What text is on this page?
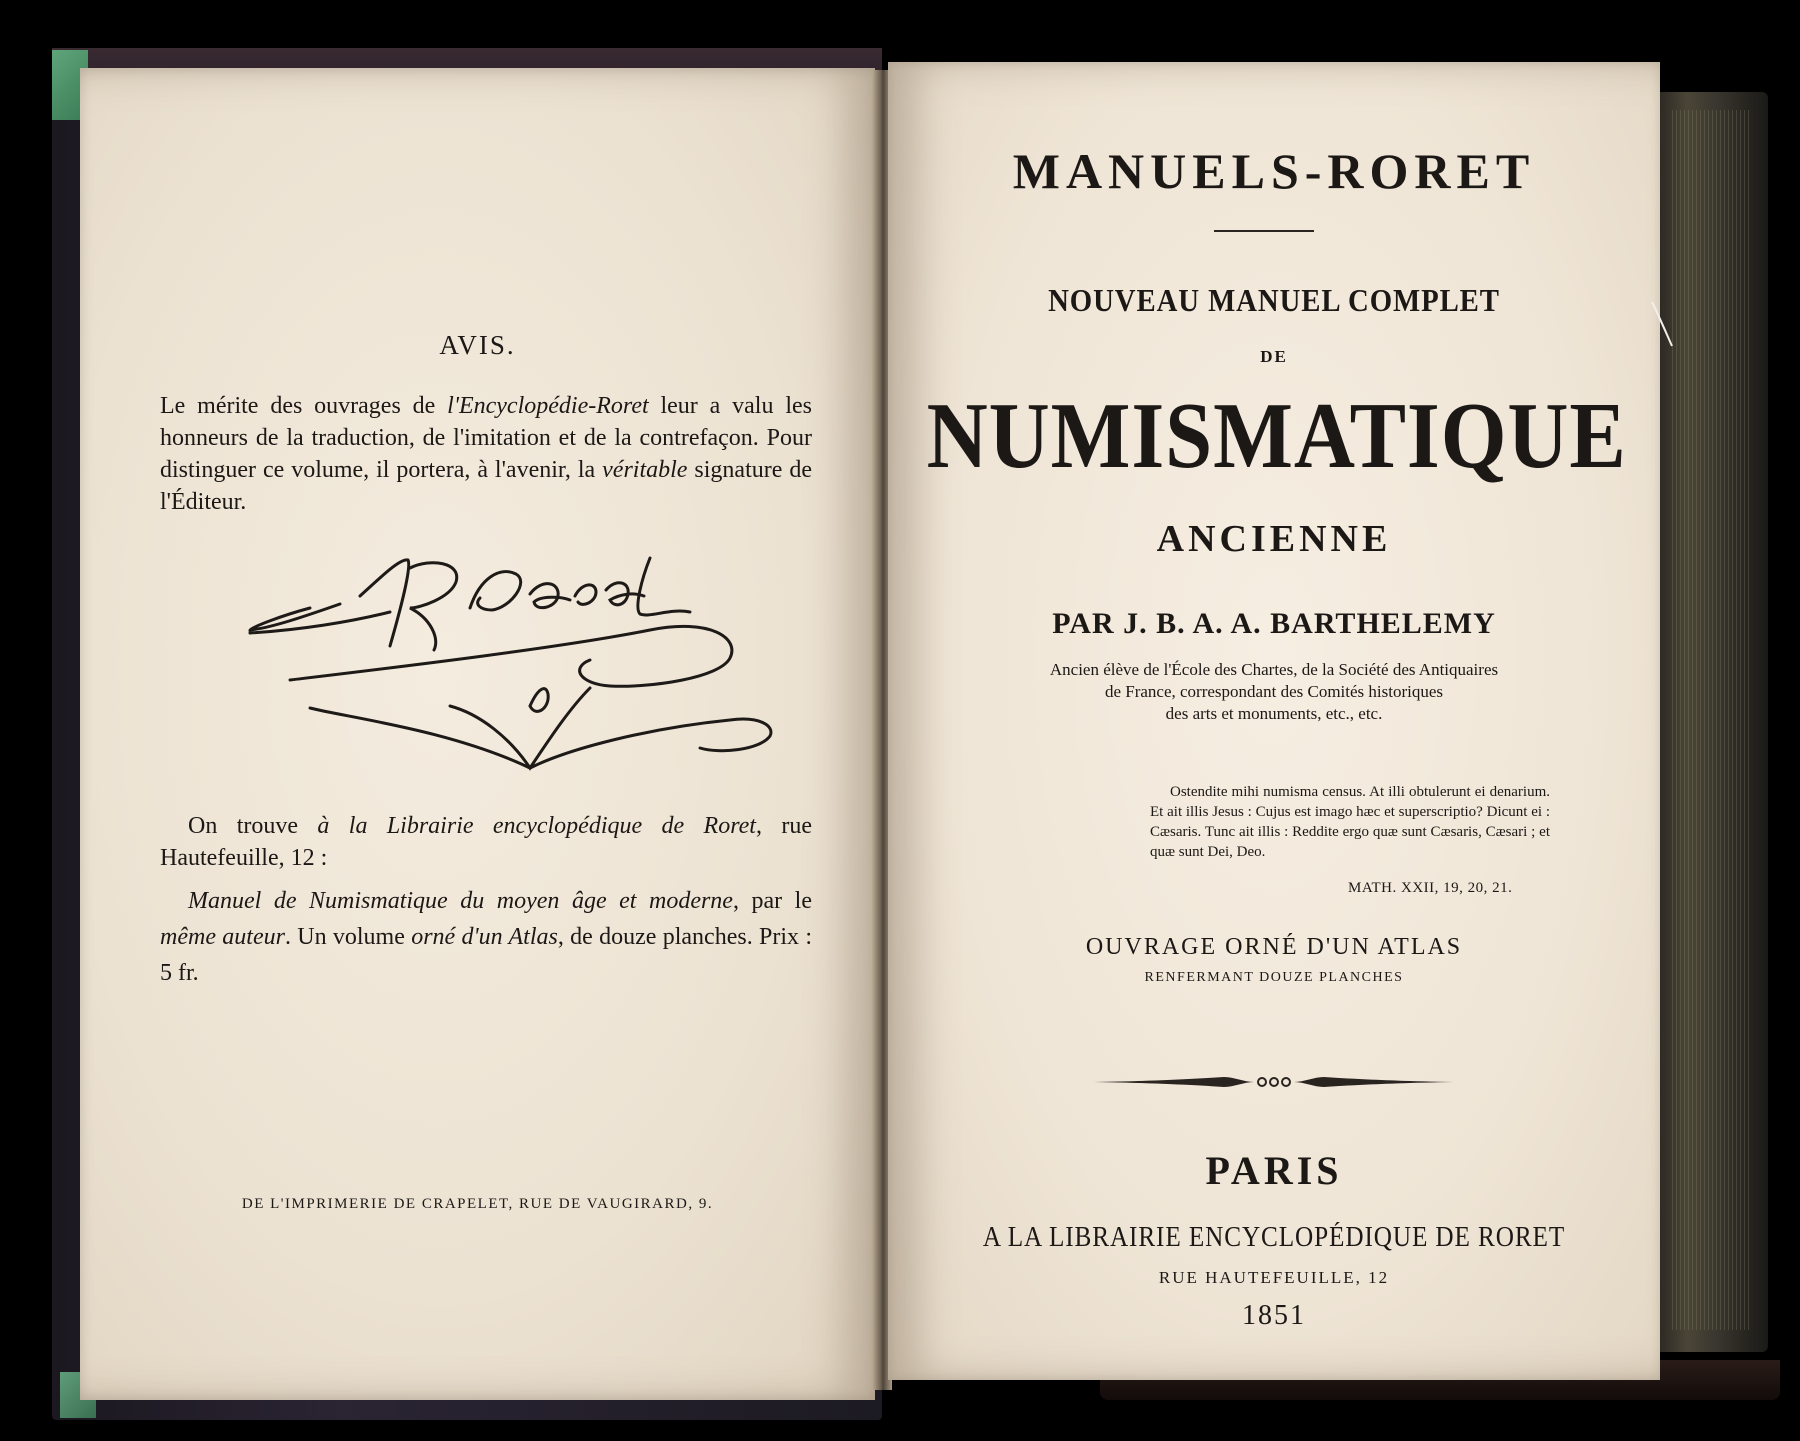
AVIS.
Le mérite des ouvrages de l'Encyclopédie-Roret leur a valu les honneurs de la traduction, de l'imitation et de la contrefaçon. Pour distinguer ce volume, il portera, à l'avenir, la véritable signature de l'Éditeur.
On trouve à la Librairie encyclopédique de Roret, rue Hautefeuille, 12 :
Manuel de Numismatique du moyen âge et moderne, par le même auteur. Un volume orné d'un Atlas, de douze planches. Prix : 5 fr.
DE L'IMPRIMERIE DE CRAPELET, RUE DE VAUGIRARD, 9.
MANUELS-RORET
NOUVEAU MANUEL COMPLET
DE
NUMISMATIQUE
ANCIENNE
PAR J. B. A. A. BARTHELEMY
Ancien élève de l'École des Chartes, de la Société des Antiquaires
de France, correspondant des Comités historiques
des arts et monuments, etc., etc.
Ostendite mihi numisma census. At illi obtulerunt ei denarium. Et ait illis Jesus : Cujus est imago hæc et superscriptio? Dicunt ei : Cæsaris. Tunc ait illis : Reddite ergo quæ sunt Cæsaris, Cæsari ; et quæ sunt Dei, Deo.
MATH. XXII, 19, 20, 21.
OUVRAGE ORNÉ D'UN ATLAS
RENFERMANT DOUZE PLANCHES
PARIS
A LA LIBRAIRIE ENCYCLOPÉDIQUE DE RORET
RUE HAUTEFEUILLE, 12
1851
